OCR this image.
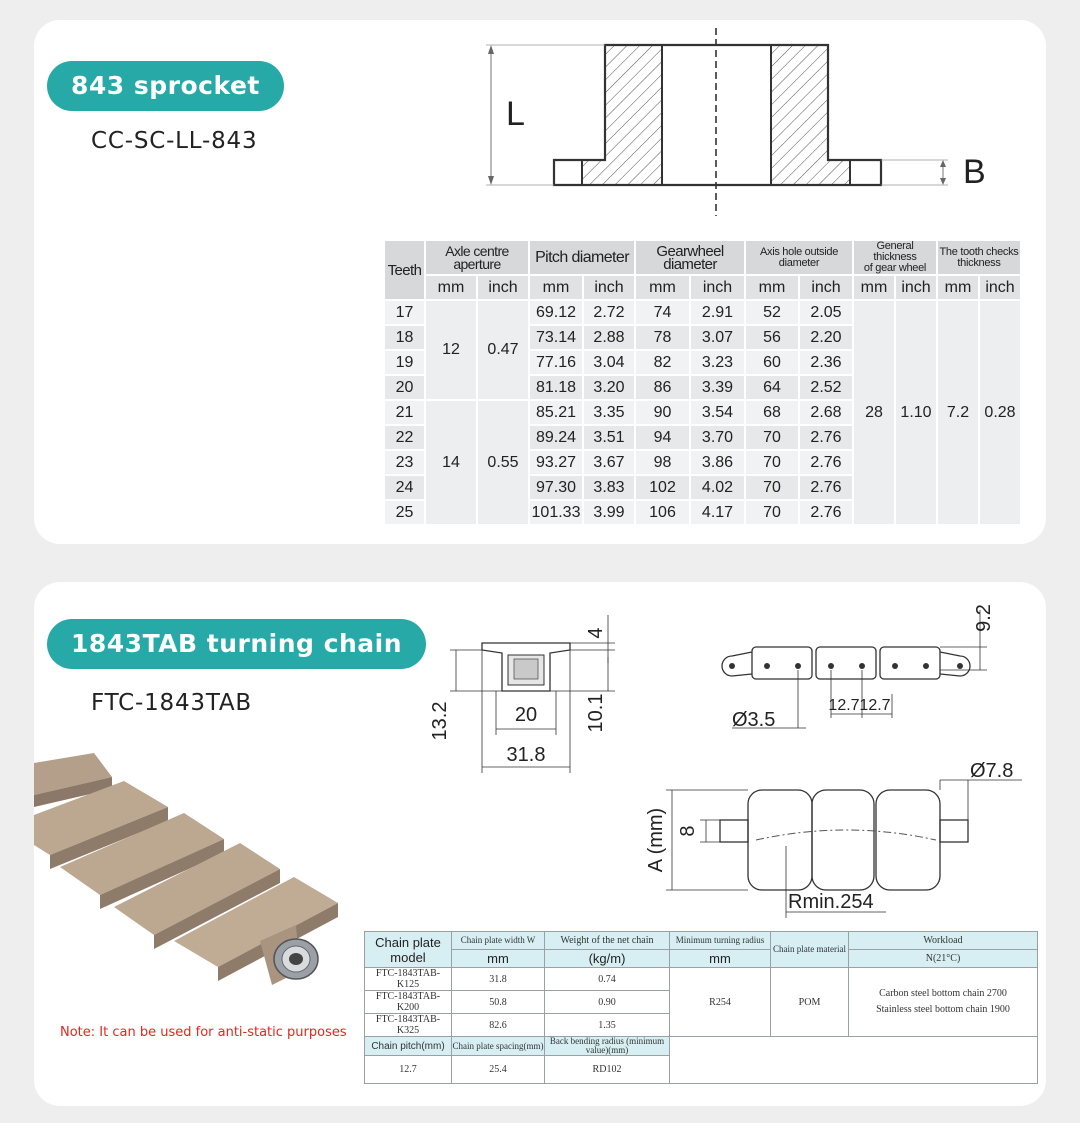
843 sprocket
CC-SC-LL-843
L
B
Teeth	Axle centre aperture		Pitch diameter		Gearwheel diameter		Axis hole outside
diameter		General thickness
of gear wheel		The tooth checks
thickness	
	mm	inch	mm	inch	mm	inch	mm	inch	mm	inch	mm	inch
17	12	0.47	69.12	2.72	74	2.91	52	2.05	28	1.10	7.2	0.28
18			73.14	2.88	78	3.07	56	2.20				
19			77.16	3.04	82	3.23	60	2.36				
20			81.18	3.20	86	3.39	64	2.52				
21	14	0.55	85.21	3.35	90	3.54	68	2.68				
22			89.24	3.51	94	3.70	70	2.76				
23			93.27	3.67	98	3.86	70	2.76				
24			97.30	3.83	102	4.02	70	2.76				
25			101.33	3.99	106	4.17	70	2.76				
1843TAB turning chain
FTC-1843TAB
4
13.2	20 10.1
31.8
9.2
12.7 12.7
Ø3.5
A (mm) 8
Ø7.8
Rmin.254
Note: It can be used for anti-static purposes
Chain plate model	Chain plate width W	Weight of the net chain	Minimum turning radius	Chain plate material	Workload
	mm	(kg/m)	mm		N(21°C)
FTC-1843TAB-K125	31.8	0.74	R254	POM	Carbon steel bottom chain 2700
Stainless steel bottom chain 1900
FTC-1843TAB-K200	50.8	0.90			
FTC-1843TAB-K325	82.6	1.35			
Chain pitch(mm)	Chain plate spacing(mm)	Back bending radius (minimum value)(mm)			
12.7	25.4	RD102			
